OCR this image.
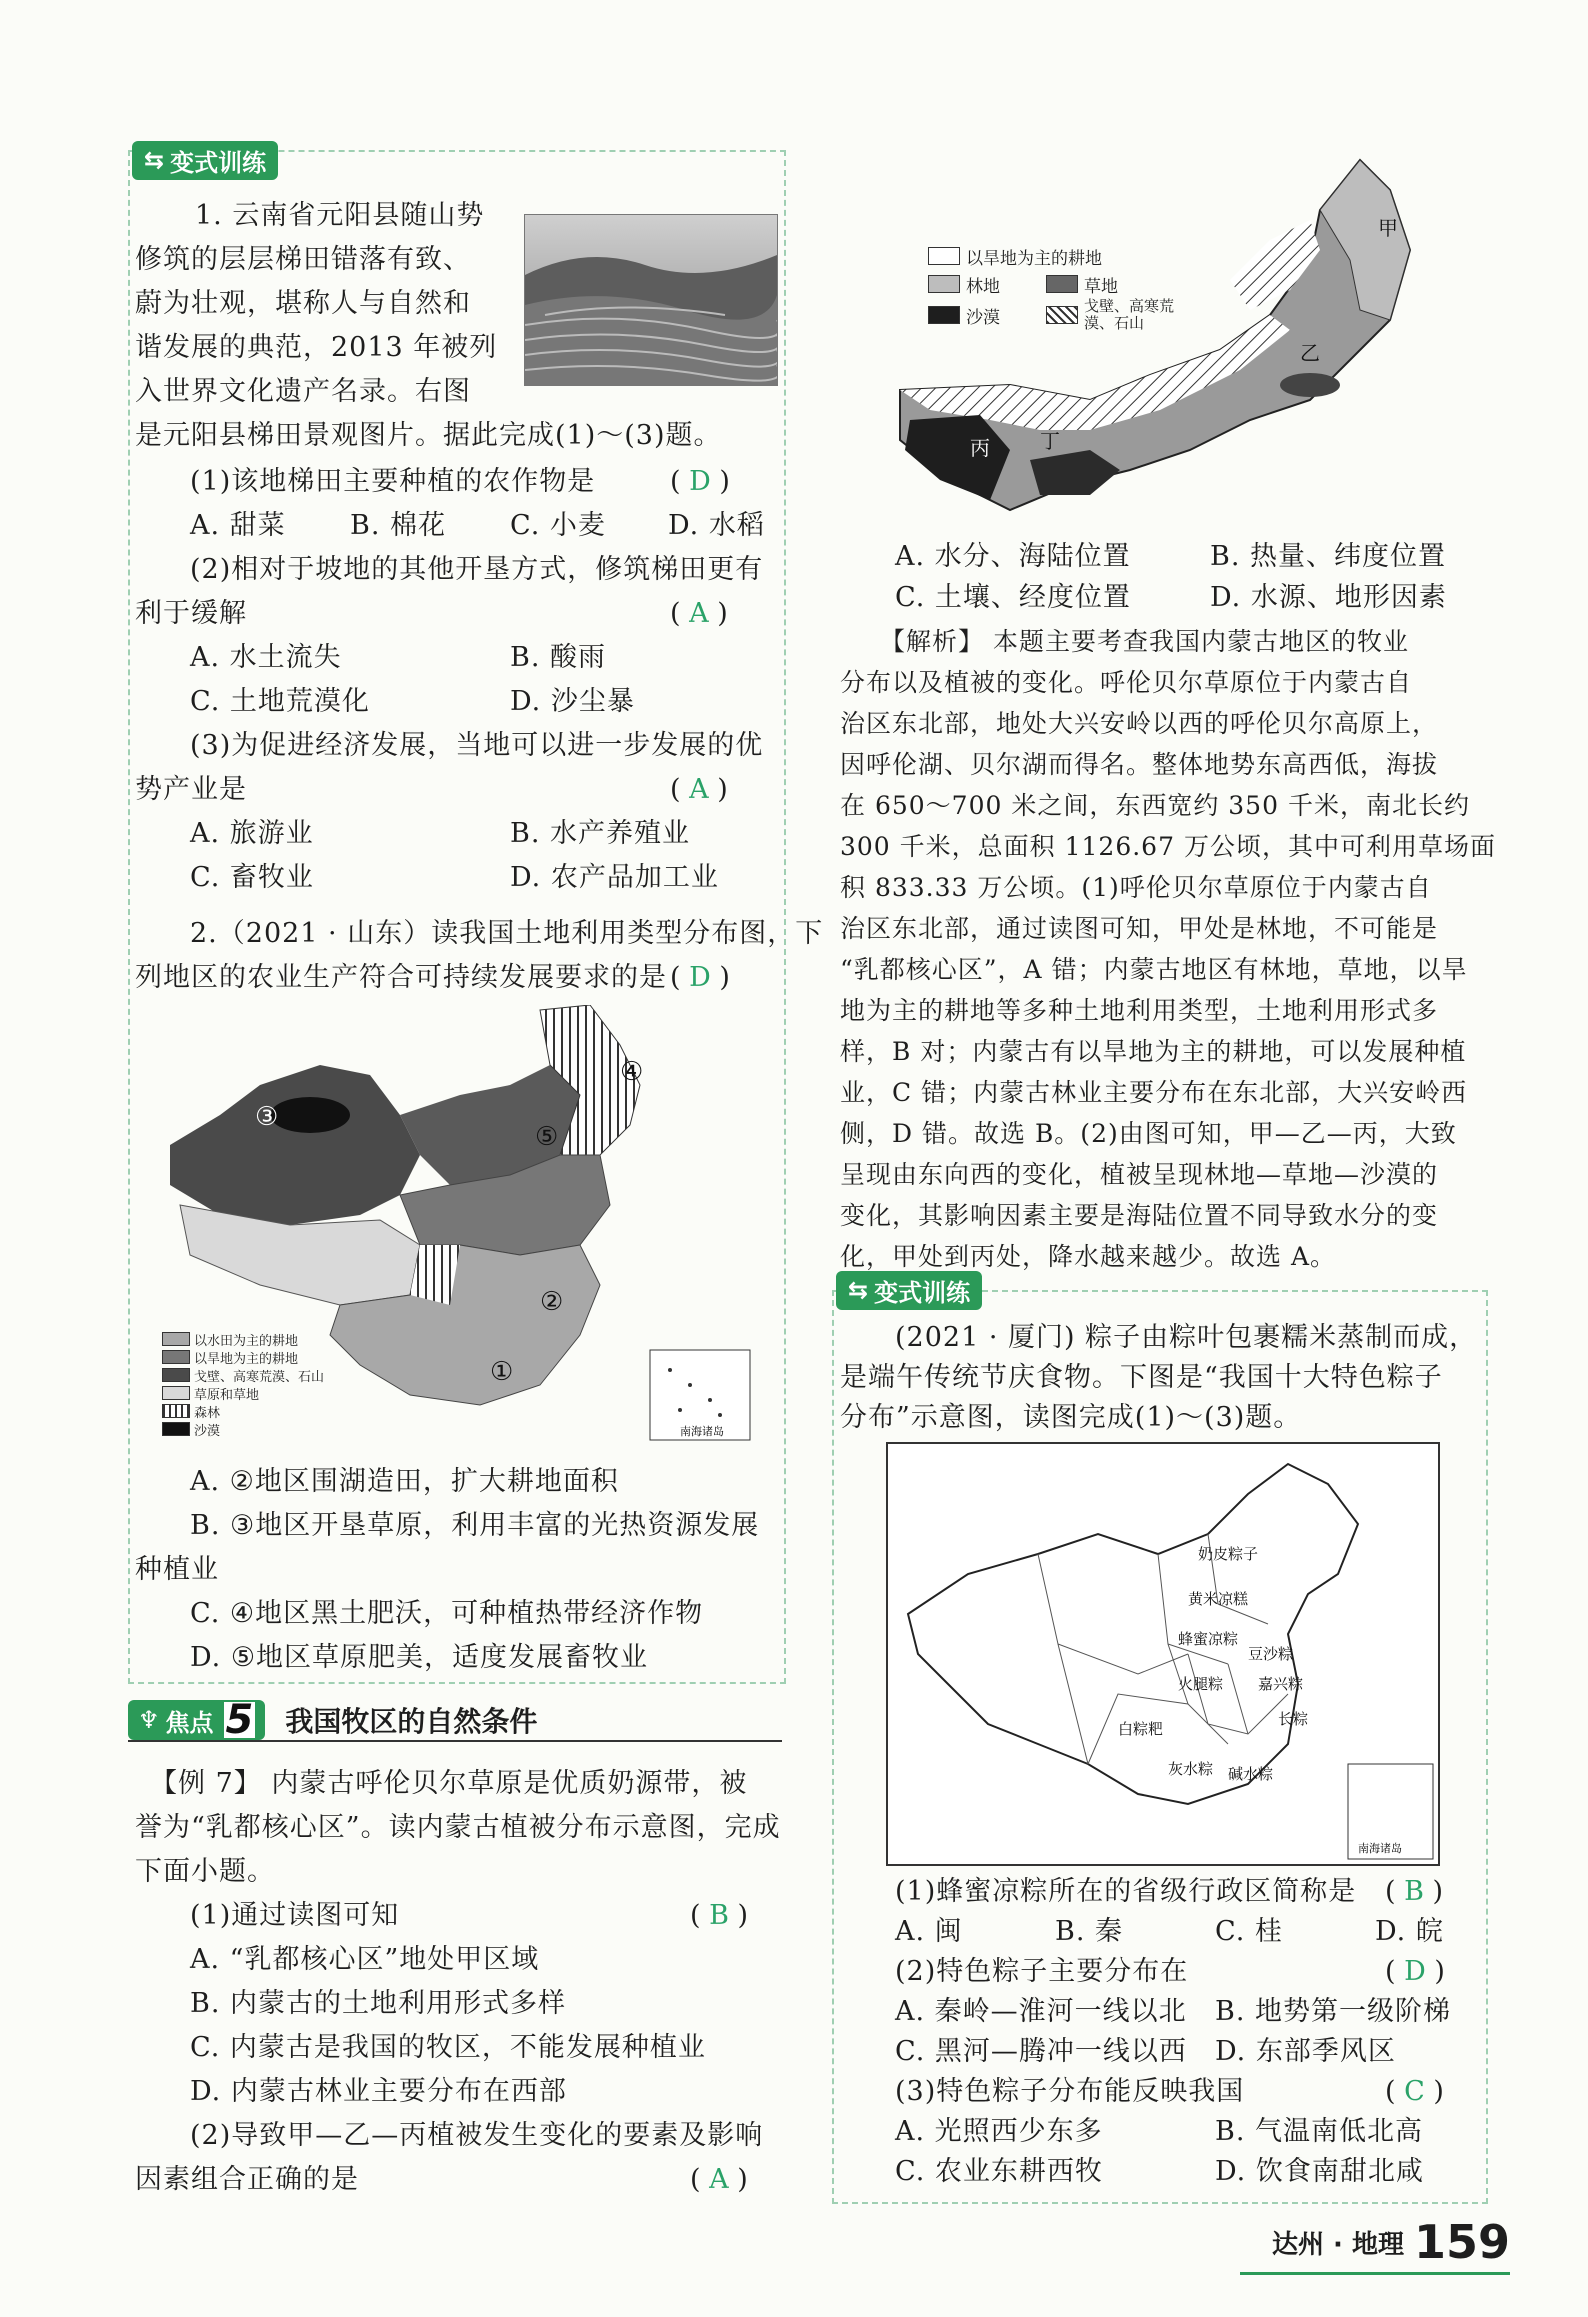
⇆ 变式训练
1. 云南省元阳县随山势
修筑的层层梯田错落有致、
蔚为壮观，堪称人与自然和
谐发展的典范，2013 年被列
入世界文化遗产名录。右图
是元阳县梯田景观图片。据此完成(1)～(3)题。
(1)该地梯田主要种植的农作物是	( D )
A. 甜菜 B. 棉花 C. 小麦 D. 水稻
(2)相对于坡地的其他开垦方式，修筑梯田更有
利于缓解	( A )
A. 水土流失	B. 酸雨
C. 土地荒漠化	D. 沙尘暴
(3)为促进经济发展，当地可以进一步发展的优
势产业是	( A )
A. 旅游业	B. 水产养殖业
C. 畜牧业	D. 农产品加工业
2.（2021 · 山东）读我国土地利用类型分布图，下
列地区的农业生产符合可持续发展要求的是 ( D )
南海诸岛
①
②
③
④
⑤
以水田为主的耕地
以旱地为主的耕地
戈壁、高寒荒漠、石山
草原和草地
森林
沙漠
A. ②地区围湖造田，扩大耕地面积
B. ③地区开垦草原，利用丰富的光热资源发展
种植业
C. ④地区黑土肥沃，可种植热带经济作物
D. ⑤地区草原肥美，适度发展畜牧业
♆ 焦点 5 我国牧区的自然条件
【例 7】 内蒙古呼伦贝尔草原是优质奶源带，被
誉为“乳都核心区”。读内蒙古植被分布示意图，完成
下面小题。
(1)通过读图可知	( B )
A. “乳都核心区”地处甲区域
B. 内蒙古的土地利用形式多样
C. 内蒙古是我国的牧区，不能发展种植业
D. 内蒙古林业主要分布在西部
(2)导致甲—乙—丙植被发生变化的要素及影响
因素组合正确的是	( A )
甲
乙
丙	丁
以旱地为主的耕地
林地	草地
沙漠
戈壁、高寒荒漠、石山
A. 水分、海陆位置	B. 热量、纬度位置
C. 土壤、经度位置	D. 水源、地形因素
【解析】 本题主要考查我国内蒙古地区的牧业
分布以及植被的变化。呼伦贝尔草原位于内蒙古自
治区东北部，地处大兴安岭以西的呼伦贝尔高原上，
因呼伦湖、贝尔湖而得名。整体地势东高西低，海拔
在 650～700 米之间，东西宽约 350 千米，南北长约
300 千米，总面积 1126.67 万公顷，其中可利用草场面
积 833.33 万公顷。(1)呼伦贝尔草原位于内蒙古自
治区东北部，通过读图可知，甲处是林地，不可能是
“乳都核心区”，A 错；内蒙古地区有林地，草地，以旱
地为主的耕地等多种土地利用类型，土地利用形式多
样，B 对；内蒙古有以旱地为主的耕地，可以发展种植
业，C 错；内蒙古林业主要分布在东北部，大兴安岭西
侧，D 错。故选 B。(2)由图可知，甲—乙—丙，大致
呈现由东向西的变化，植被呈现林地—草地—沙漠的
变化，其影响因素主要是海陆位置不同导致水分的变
化，甲处到丙处，降水越来越少。故选 A。
⇆ 变式训练
(2021 · 厦门) 粽子由粽叶包裹糯米蒸制而成，
是端午传统节庆食物。下图是“我国十大特色粽子
分布”示意图，读图完成(1)～(3)题。
南海诸岛
奶皮粽子
黄米凉糕
蜂蜜凉粽
豆沙粽
嘉兴粽
长粽
白粽粑
灰水粽 碱水粽
火腿粽
(1)蜂蜜凉粽所在的省级行政区简称是 ( B )
A. 闽	B. 秦	C. 桂	D. 皖
(2)特色粽子主要分布在	( D )
A. 秦岭—淮河一线以北 B. 地势第一级阶梯
C. 黑河—腾冲一线以西 D. 东部季风区
(3)特色粽子分布能反映我国	( C )
A. 光照西少东多	B. 气温南低北高
C. 农业东耕西牧	D. 饮食南甜北咸
达州 · 地理 159
